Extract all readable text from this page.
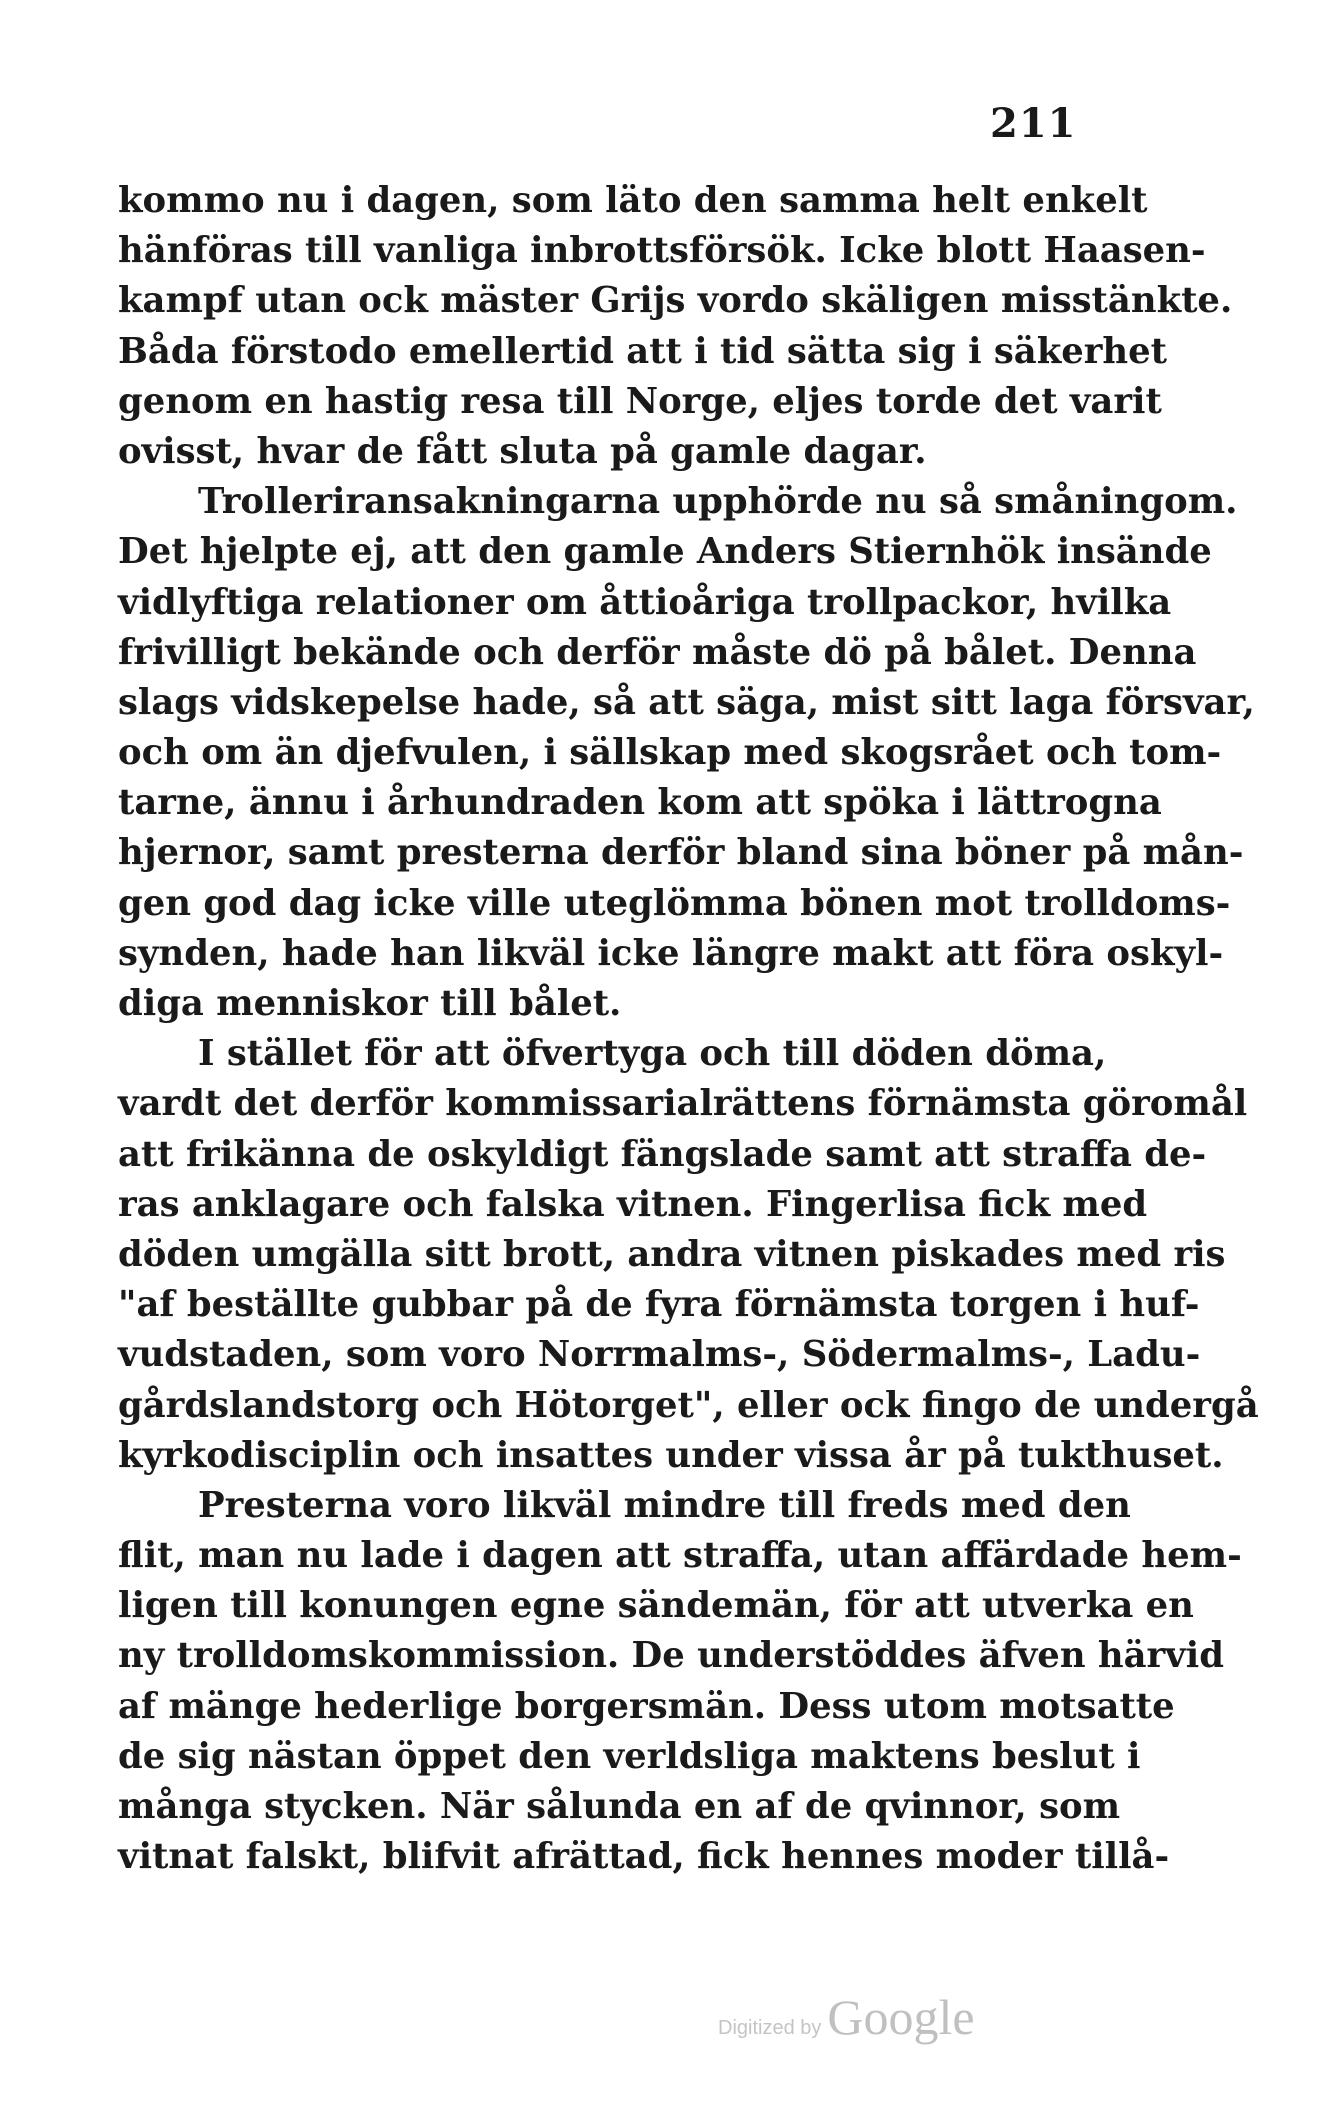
211
kommo nu i dagen, som läto den samma helt enkelt
hänföras till vanliga inbrottsförsök. Icke blott Haasen-
kampf utan ock mäster Grijs vordo skäligen misstänkte.
Båda förstodo emellertid att i tid sätta sig i säkerhet
genom en hastig resa till Norge, eljes torde det varit
ovisst, hvar de fått sluta på gamle dagar.
Trolleriransakningarna upphörde nu så småningom.
Det hjelpte ej, att den gamle Anders Stiernhök insände
vidlyftiga relationer om åttioåriga trollpackor, hvilka
frivilligt bekände och derför måste dö på bålet. Denna
slags vidskepelse hade, så att säga, mist sitt laga försvar,
och om än djefvulen, i sällskap med skogsrået och tom-
tarne, ännu i århundraden kom att spöka i lättrogna
hjernor, samt presterna derför bland sina böner på mån-
gen god dag icke ville uteglömma bönen mot trolldoms-
synden, hade han likväl icke längre makt att föra oskyl-
diga menniskor till bålet.
I stället för att öfvertyga och till döden döma,
vardt det derför kommissarialrättens förnämsta göromål
att frikänna de oskyldigt fängslade samt att straffa de-
ras anklagare och falska vitnen. Fingerlisa fick med
döden umgälla sitt brott, andra vitnen piskades med ris
"af beställte gubbar på de fyra förnämsta torgen i huf-
vudstaden, som voro Norrmalms-, Södermalms-, Ladu-
gårdslandstorg och Hötorget", eller ock fingo de undergå
kyrkodisciplin och insattes under vissa år på tukthuset.
Presterna voro likväl mindre till freds med den
flit, man nu lade i dagen att straffa, utan affärdade hem-
ligen till konungen egne sändemän, för att utverka en
ny trolldomskommission. De understöddes äfven härvid
af mänge hederlige borgersmän. Dess utom motsatte
de sig nästan öppet den verldsliga maktens beslut i
många stycken. När sålunda en af de qvinnor, som
vitnat falskt, blifvit afrättad, fick hennes moder tillå-
Digitized by Google
